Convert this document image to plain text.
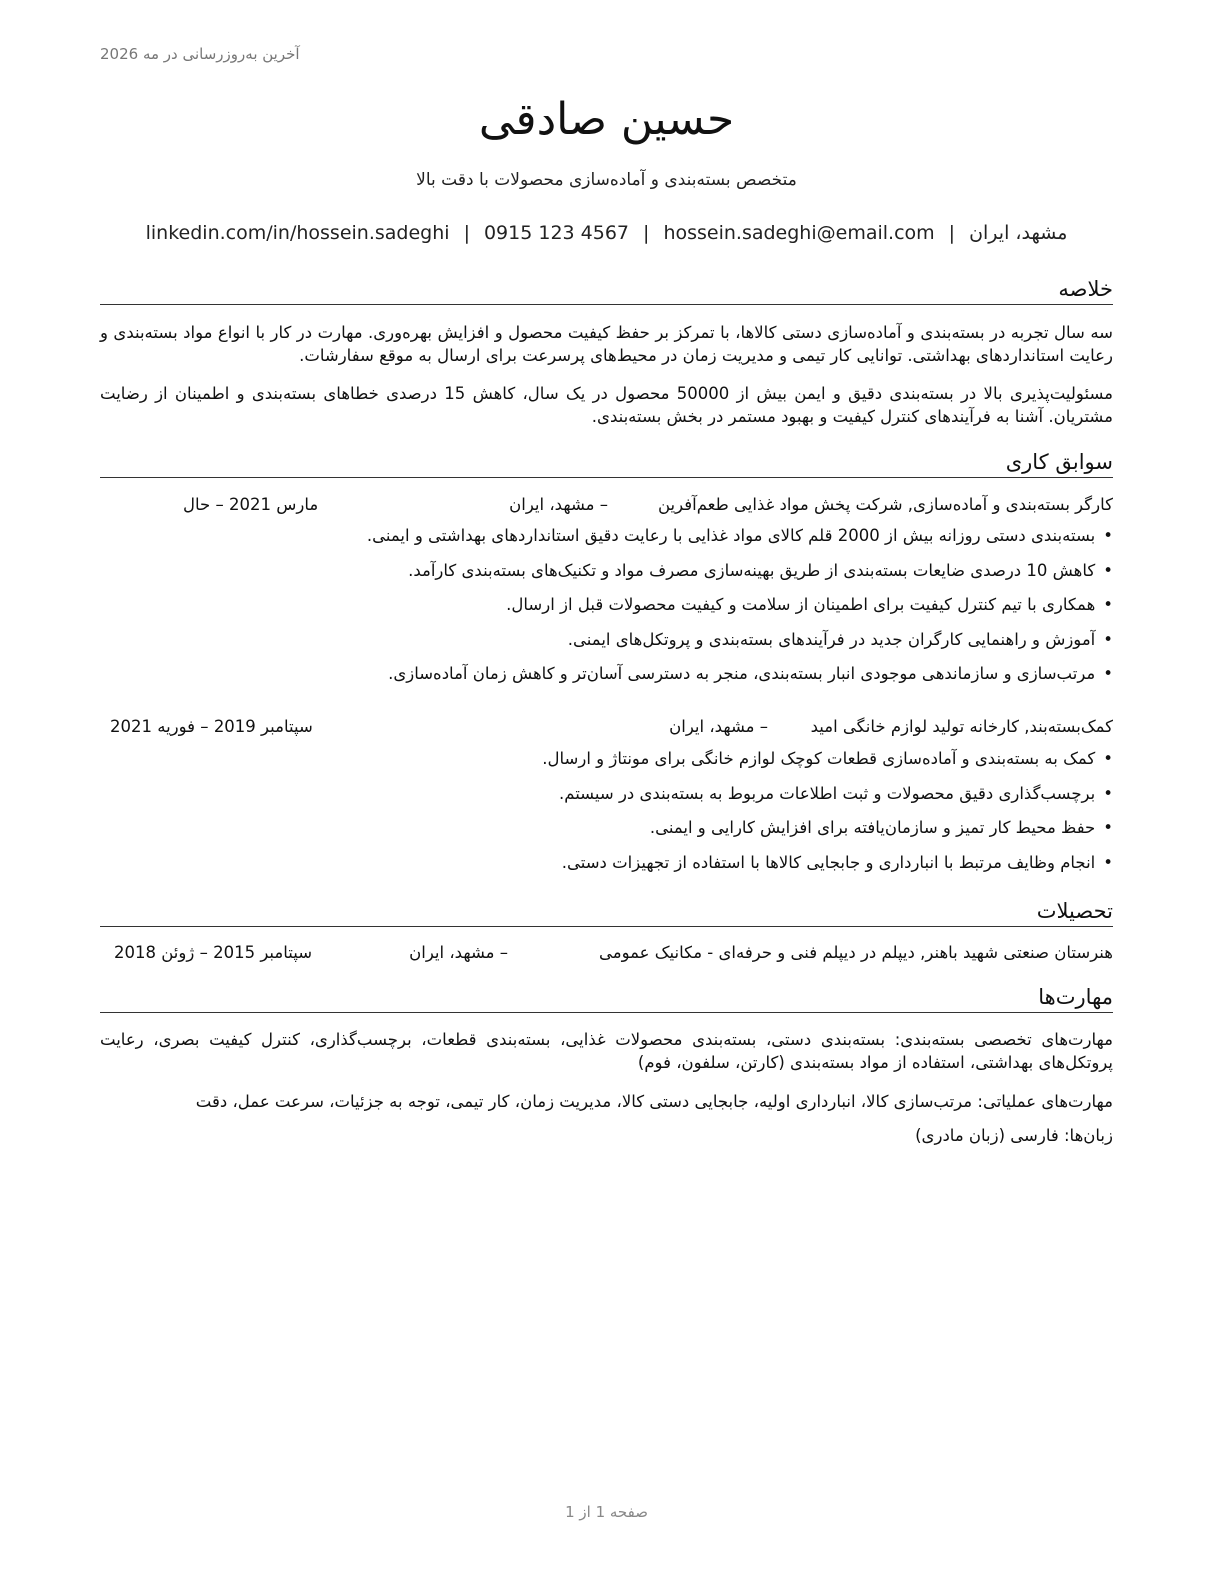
آخرین به‌روزرسانی در مه 2026
حسین صادقی
متخصص بسته‌بندی و آماده‌سازی محصولات با دقت بالا
مشهد، ایران|hossein.sadeghi@email.com|0915 123 4567|linkedin.com/in/hossein.sadeghi
خلاصه
سه سال تجربه در بسته‌بندی و آماده‌سازی دستی کالاها، با تمرکز بر حفظ کیفیت محصول و افزایش بهره‌وری. مهارت در کار با انواع مواد بسته‌بندی و رعایت استانداردهای بهداشتی. توانایی کار تیمی و مدیریت زمان در محیط‌های پرسرعت برای ارسال به موقع سفارشات.
مسئولیت‌پذیری بالا در بسته‌بندی دقیق و ایمن بیش از 50000 محصول در یک سال، کاهش 15 درصدی خطاهای بسته‌بندی و اطمینان از رضایت مشتریان. آشنا به فرآیندهای کنترل کیفیت و بهبود مستمر در بخش بسته‌بندی.
سوابق کاری
کارگر بسته‌بندی و آماده‌سازی, شرکت پخش مواد غذایی طعم‌آفرین
– مشهد، ایران
مارس 2021 – حال
•بسته‌بندی دستی روزانه بیش از 2000 قلم کالای مواد غذایی با رعایت دقیق استانداردهای بهداشتی و ایمنی.
•کاهش 10 درصدی ضایعات بسته‌بندی از طریق بهینه‌سازی مصرف مواد و تکنیک‌های بسته‌بندی کارآمد.
•همکاری با تیم کنترل کیفیت برای اطمینان از سلامت و کیفیت محصولات قبل از ارسال.
•آموزش و راهنمایی کارگران جدید در فرآیندهای بسته‌بندی و پروتکل‌های ایمنی.
•مرتب‌سازی و سازماندهی موجودی انبار بسته‌بندی، منجر به دسترسی آسان‌تر و کاهش زمان آماده‌سازی.
کمک‌بسته‌بند, کارخانه تولید لوازم خانگی امید
– مشهد، ایران
سپتامبر 2019 – فوریه 2021
•کمک به بسته‌بندی و آماده‌سازی قطعات کوچک لوازم خانگی برای مونتاژ و ارسال.
•برچسب‌گذاری دقیق محصولات و ثبت اطلاعات مربوط به بسته‌بندی در سیستم.
•حفظ محیط کار تمیز و سازمان‌یافته برای افزایش کارایی و ایمنی.
•انجام وظایف مرتبط با انبارداری و جابجایی کالاها با استفاده از تجهیزات دستی.
تحصیلات
هنرستان صنعتی شهید باهنر, دیپلم در دیپلم فنی و حرفه‌ای - مکانیک عمومی
– مشهد، ایران
سپتامبر 2015 – ژوئن 2018
مهارت‌ها
مهارت‌های تخصصی بسته‌بندی: بسته‌بندی دستی، بسته‌بندی محصولات غذایی، بسته‌بندی قطعات، برچسب‌گذاری، کنترل کیفیت بصری، رعایت پروتکل‌های بهداشتی، استفاده از مواد بسته‌بندی (کارتن، سلفون، فوم)
مهارت‌های عملیاتی: مرتب‌سازی کالا، انبارداری اولیه، جابجایی دستی کالا، مدیریت زمان، کار تیمی، توجه به جزئیات، سرعت عمل، دقت
زبان‌ها: فارسی (زبان مادری)
صفحه 1 از 1
